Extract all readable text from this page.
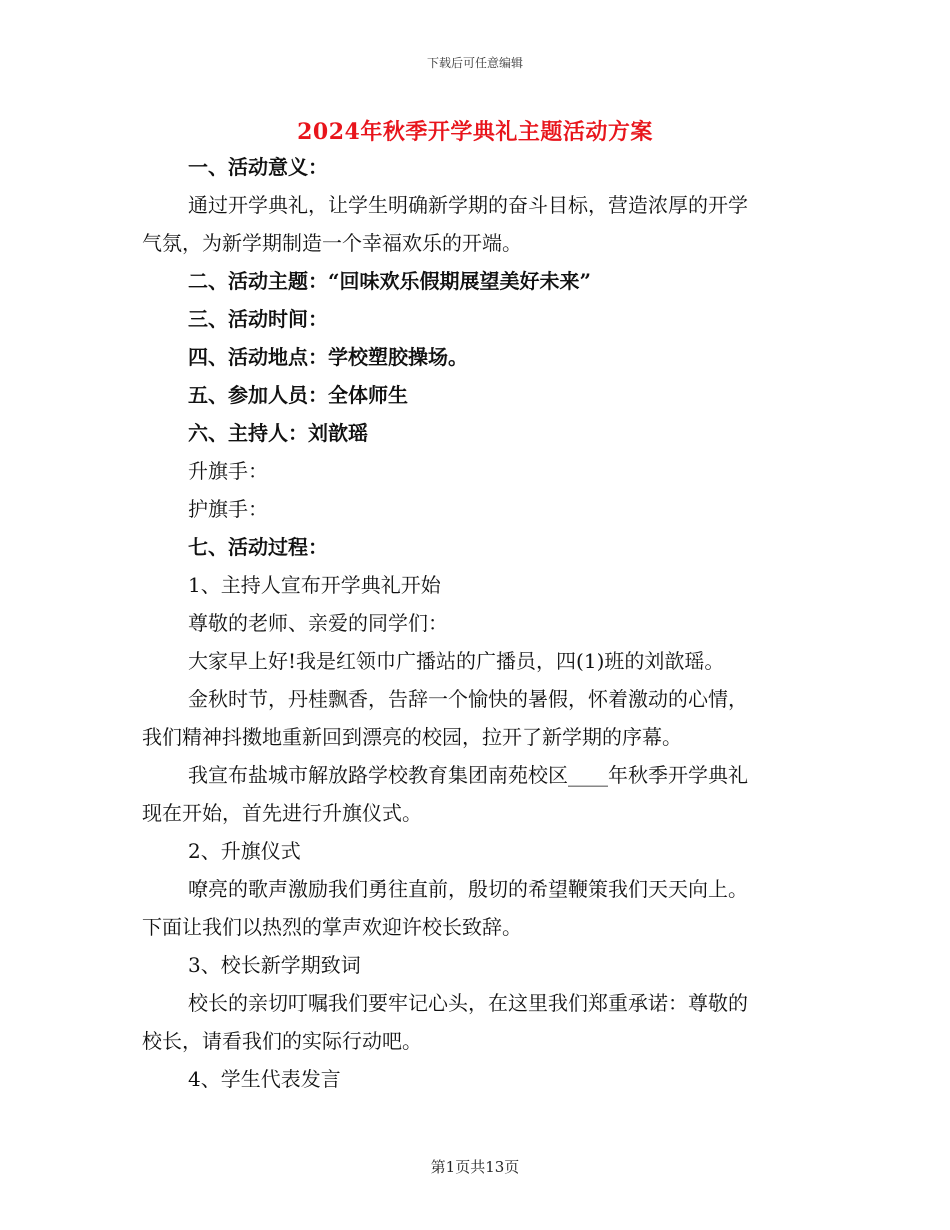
下载后可任意编辑
2024年秋季开学典礼主题活动方案
一、活动意义：
通过开学典礼，让学生明确新学期的奋斗目标，营造浓厚的开学
气氛，为新学期制造一个幸福欢乐的开端。
二、活动主题：“回味欢乐假期展望美好未来”
三、活动时间：
四、活动地点：学校塑胶操场。
五、参加人员：全体师生
六、主持人：刘歆瑶
升旗手：
护旗手：
七、活动过程：
1、主持人宣布开学典礼开始
尊敬的老师、亲爱的同学们：
大家早上好!我是红领巾广播站的广播员，四(1)班的刘歆瑶。
金秋时节，丹桂飘香，告辞一个愉快的暑假，怀着激动的心情，
我们精神抖擞地重新回到漂亮的校园，拉开了新学期的序幕。
我宣布盐城市解放路学校教育集团南苑校区____年秋季开学典礼
现在开始，首先进行升旗仪式。
2、升旗仪式
嘹亮的歌声激励我们勇往直前，殷切的希望鞭策我们天天向上。
下面让我们以热烈的掌声欢迎许校长致辞。
3、校长新学期致词
校长的亲切叮嘱我们要牢记心头，在这里我们郑重承诺：尊敬的
校长，请看我们的实际行动吧。
4、学生代表发言
第1页共13页
